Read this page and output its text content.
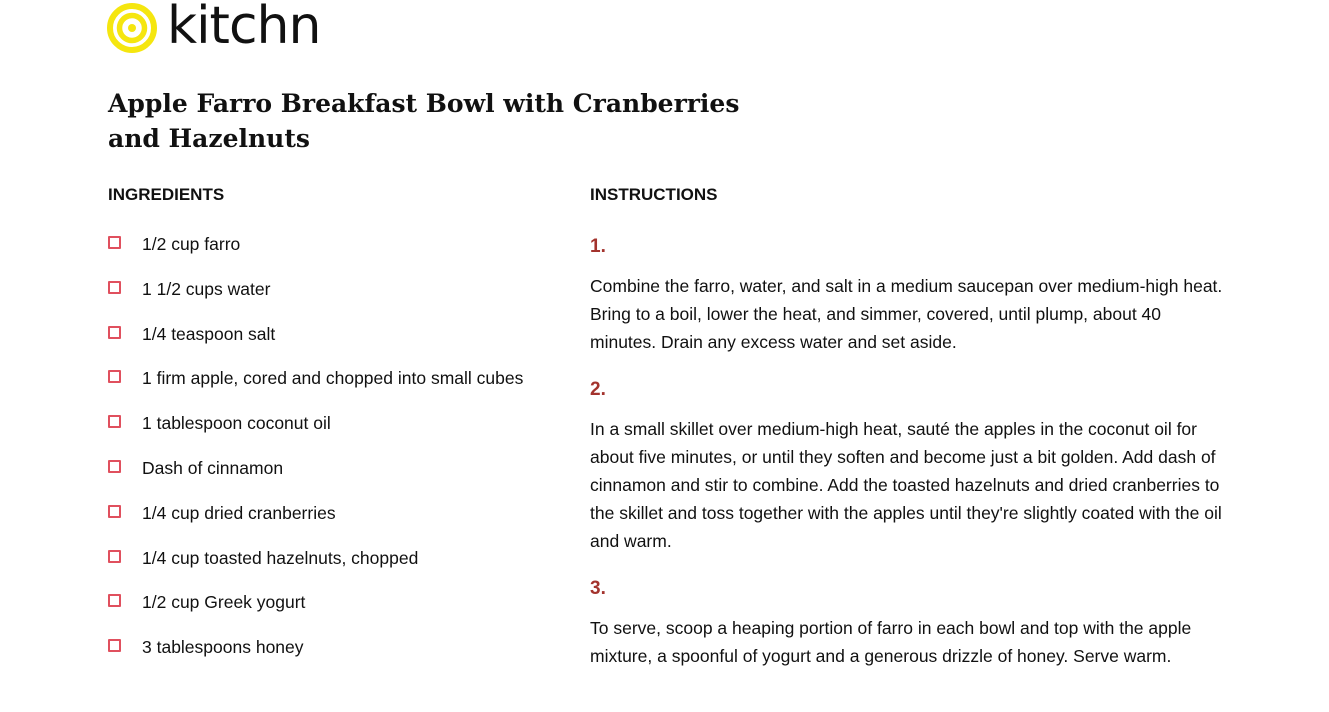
kitchn
Apple Farro Breakfast Bowl with Cranberries and Hazelnuts
INGREDIENTS	INSTRUCTIONS
1/2 cup farro
1 1/2 cups water
1/4 teaspoon salt
1 firm apple, cored and chopped into small cubes
1 tablespoon coconut oil
Dash of cinnamon
1/4 cup dried cranberries
1/4 cup toasted hazelnuts, chopped
1/2 cup Greek yogurt
3 tablespoons honey

1.

Combine the farro, water, and salt in a medium saucepan over medium-high heat. Bring to a boil, lower the heat, and simmer, covered, until plump, about 40 minutes. Drain any excess water and set aside.

2.

In a small skillet over medium-high heat, sauté the apples in the coconut oil for about five minutes, or until they soften and become just a bit golden. Add dash of cinnamon and stir to combine. Add the toasted hazelnuts and dried cranberries to the skillet and toss together with the apples until they're slightly coated with the oil and warm.

3.

To serve, scoop a heaping portion of farro in each bowl and top with the apple mixture, a spoonful of yogurt and a generous drizzle of honey. Serve warm.
